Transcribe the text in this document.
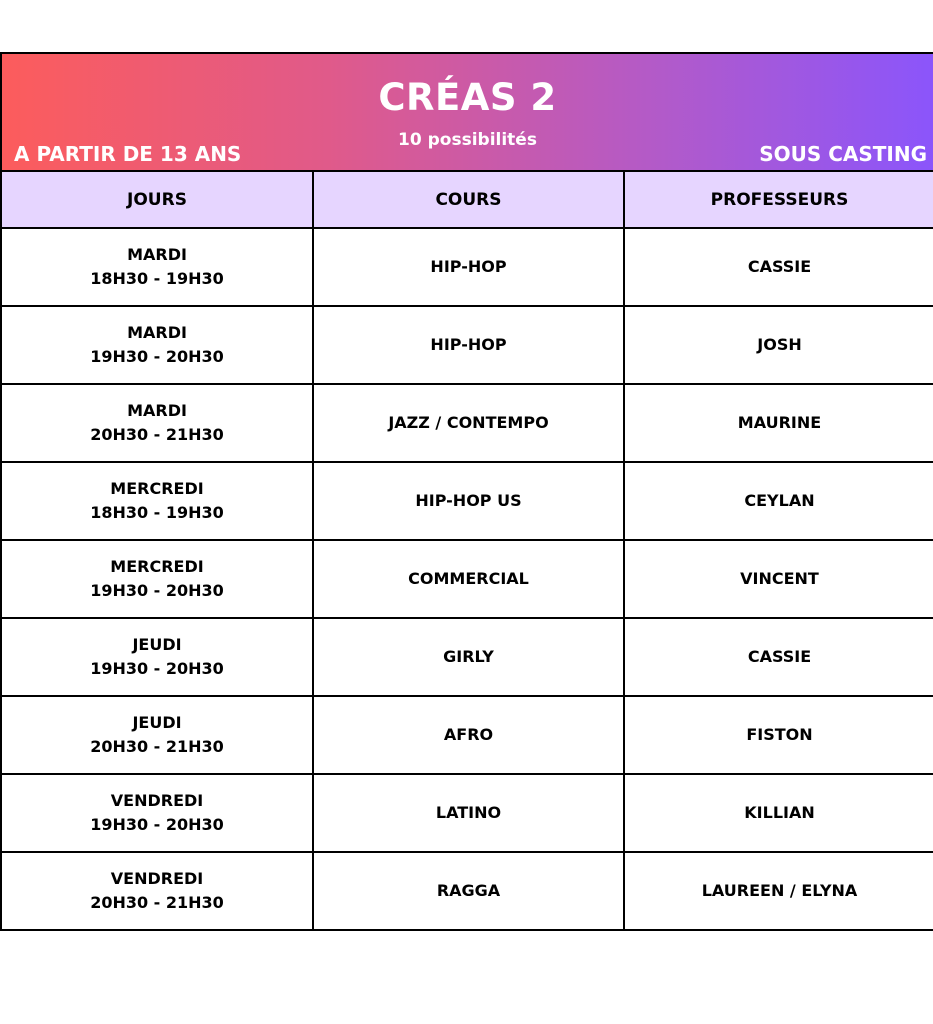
CRÉAS 2
10 possibilités
A PARTIR DE 13 ANS	SOUS CASTING
JOURS	COURS	PROFESSEURS

MARDI
18H30 - 19H30	HIP-HOP	CASSIE

MARDI
19H30 - 20H30	HIP-HOP	JOSH

MARDI
20H30 - 21H30	JAZZ / CONTEMPO	MAURINE

MERCREDI
18H30 - 19H30	HIP-HOP US	CEYLAN

MERCREDI
19H30 - 20H30	COMMERCIAL	VINCENT

JEUDI
19H30 - 20H30	GIRLY	CASSIE

JEUDI
20H30 - 21H30	AFRO	FISTON

VENDREDI
19H30 - 20H30	LATINO	KILLIAN

VENDREDI
20H30 - 21H30	RAGGA	LAUREEN / ELYNA
